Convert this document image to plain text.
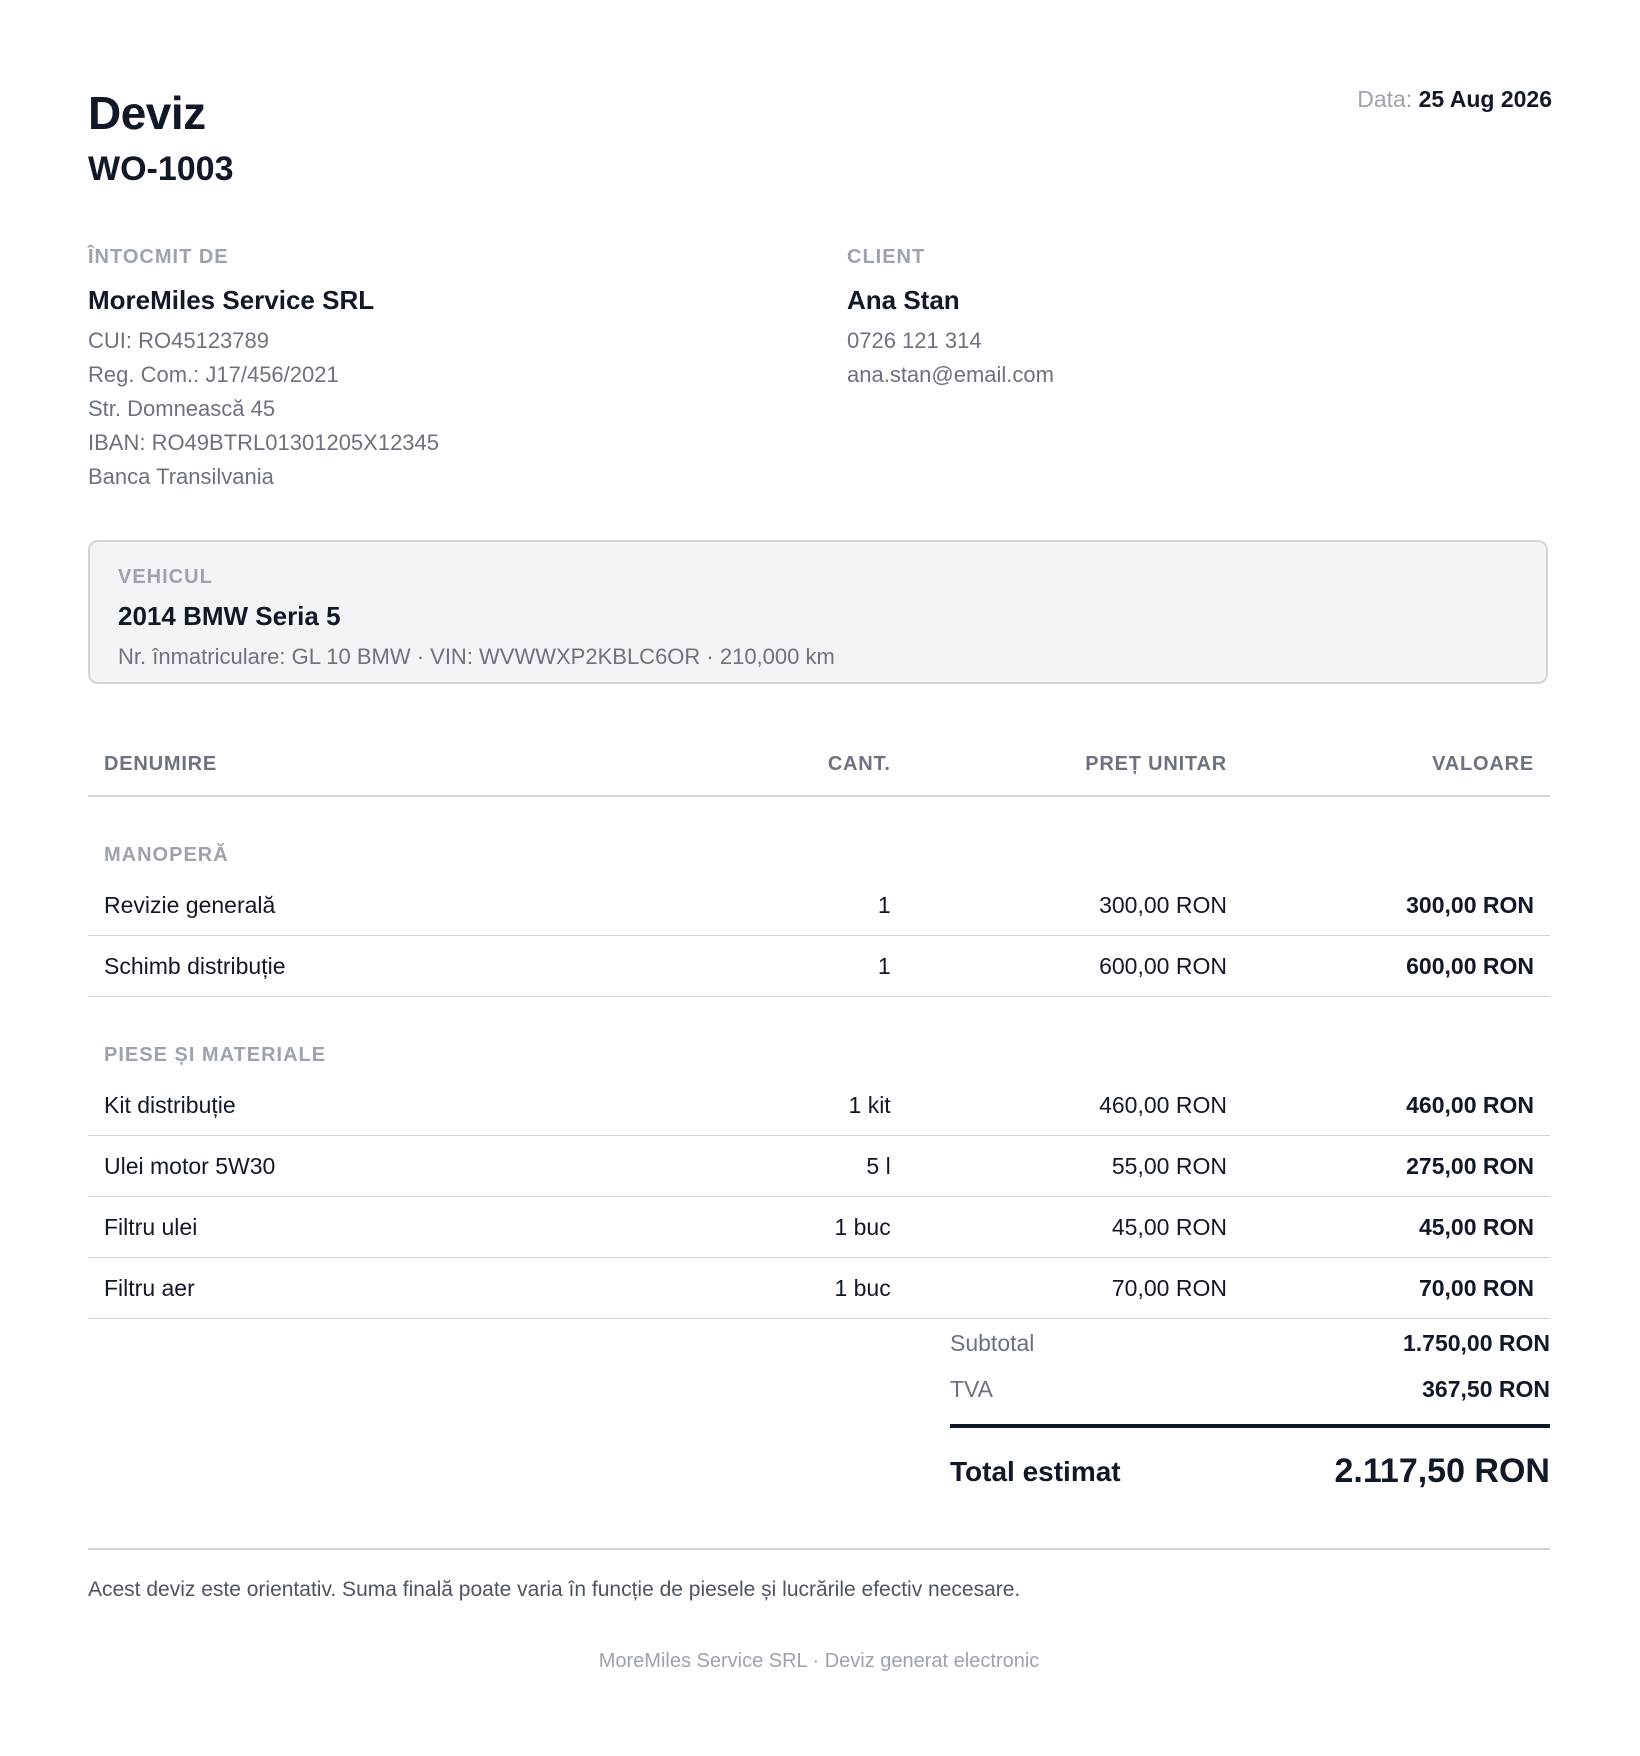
Deviz
WO-1003
Data: 25 Aug 2026
ÎNTOCMIT DE
MoreMiles Service SRL
CUI: RO45123789
Reg. Com.: J17/456/2021
Str. Domnească 45
IBAN: RO49BTRL01301205X12345
Banca Transilvania
CLIENT
Ana Stan
0726 121 314
ana.stan@email.com
VEHICUL
2014 BMW Seria 5
Nr. înmatriculare: GL 10 BMW · VIN: WVWWXP2KBLC6OR · 210,000 km
DENUMIRE	CANT.	PREȚ UNITAR	VALOARE
MANOPERĂ			
Revizie generală	1	300,00 RON	300,00 RON
Schimb distribuție	1	600,00 RON	600,00 RON
PIESE ȘI MATERIALE			
Kit distribuție	1 kit	460,00 RON	460,00 RON
Ulei motor 5W30	5 l	55,00 RON	275,00 RON
Filtru ulei	1 buc	45,00 RON	45,00 RON
Filtru aer	1 buc	70,00 RON	70,00 RON
Subtotal	1.750,00 RON
TVA	367,50 RON
Total estimat	2.117,50 RON
Acest deviz este orientativ. Suma finală poate varia în funcție de piesele și lucrările efectiv necesare.
MoreMiles Service SRL · Deviz generat electronic
